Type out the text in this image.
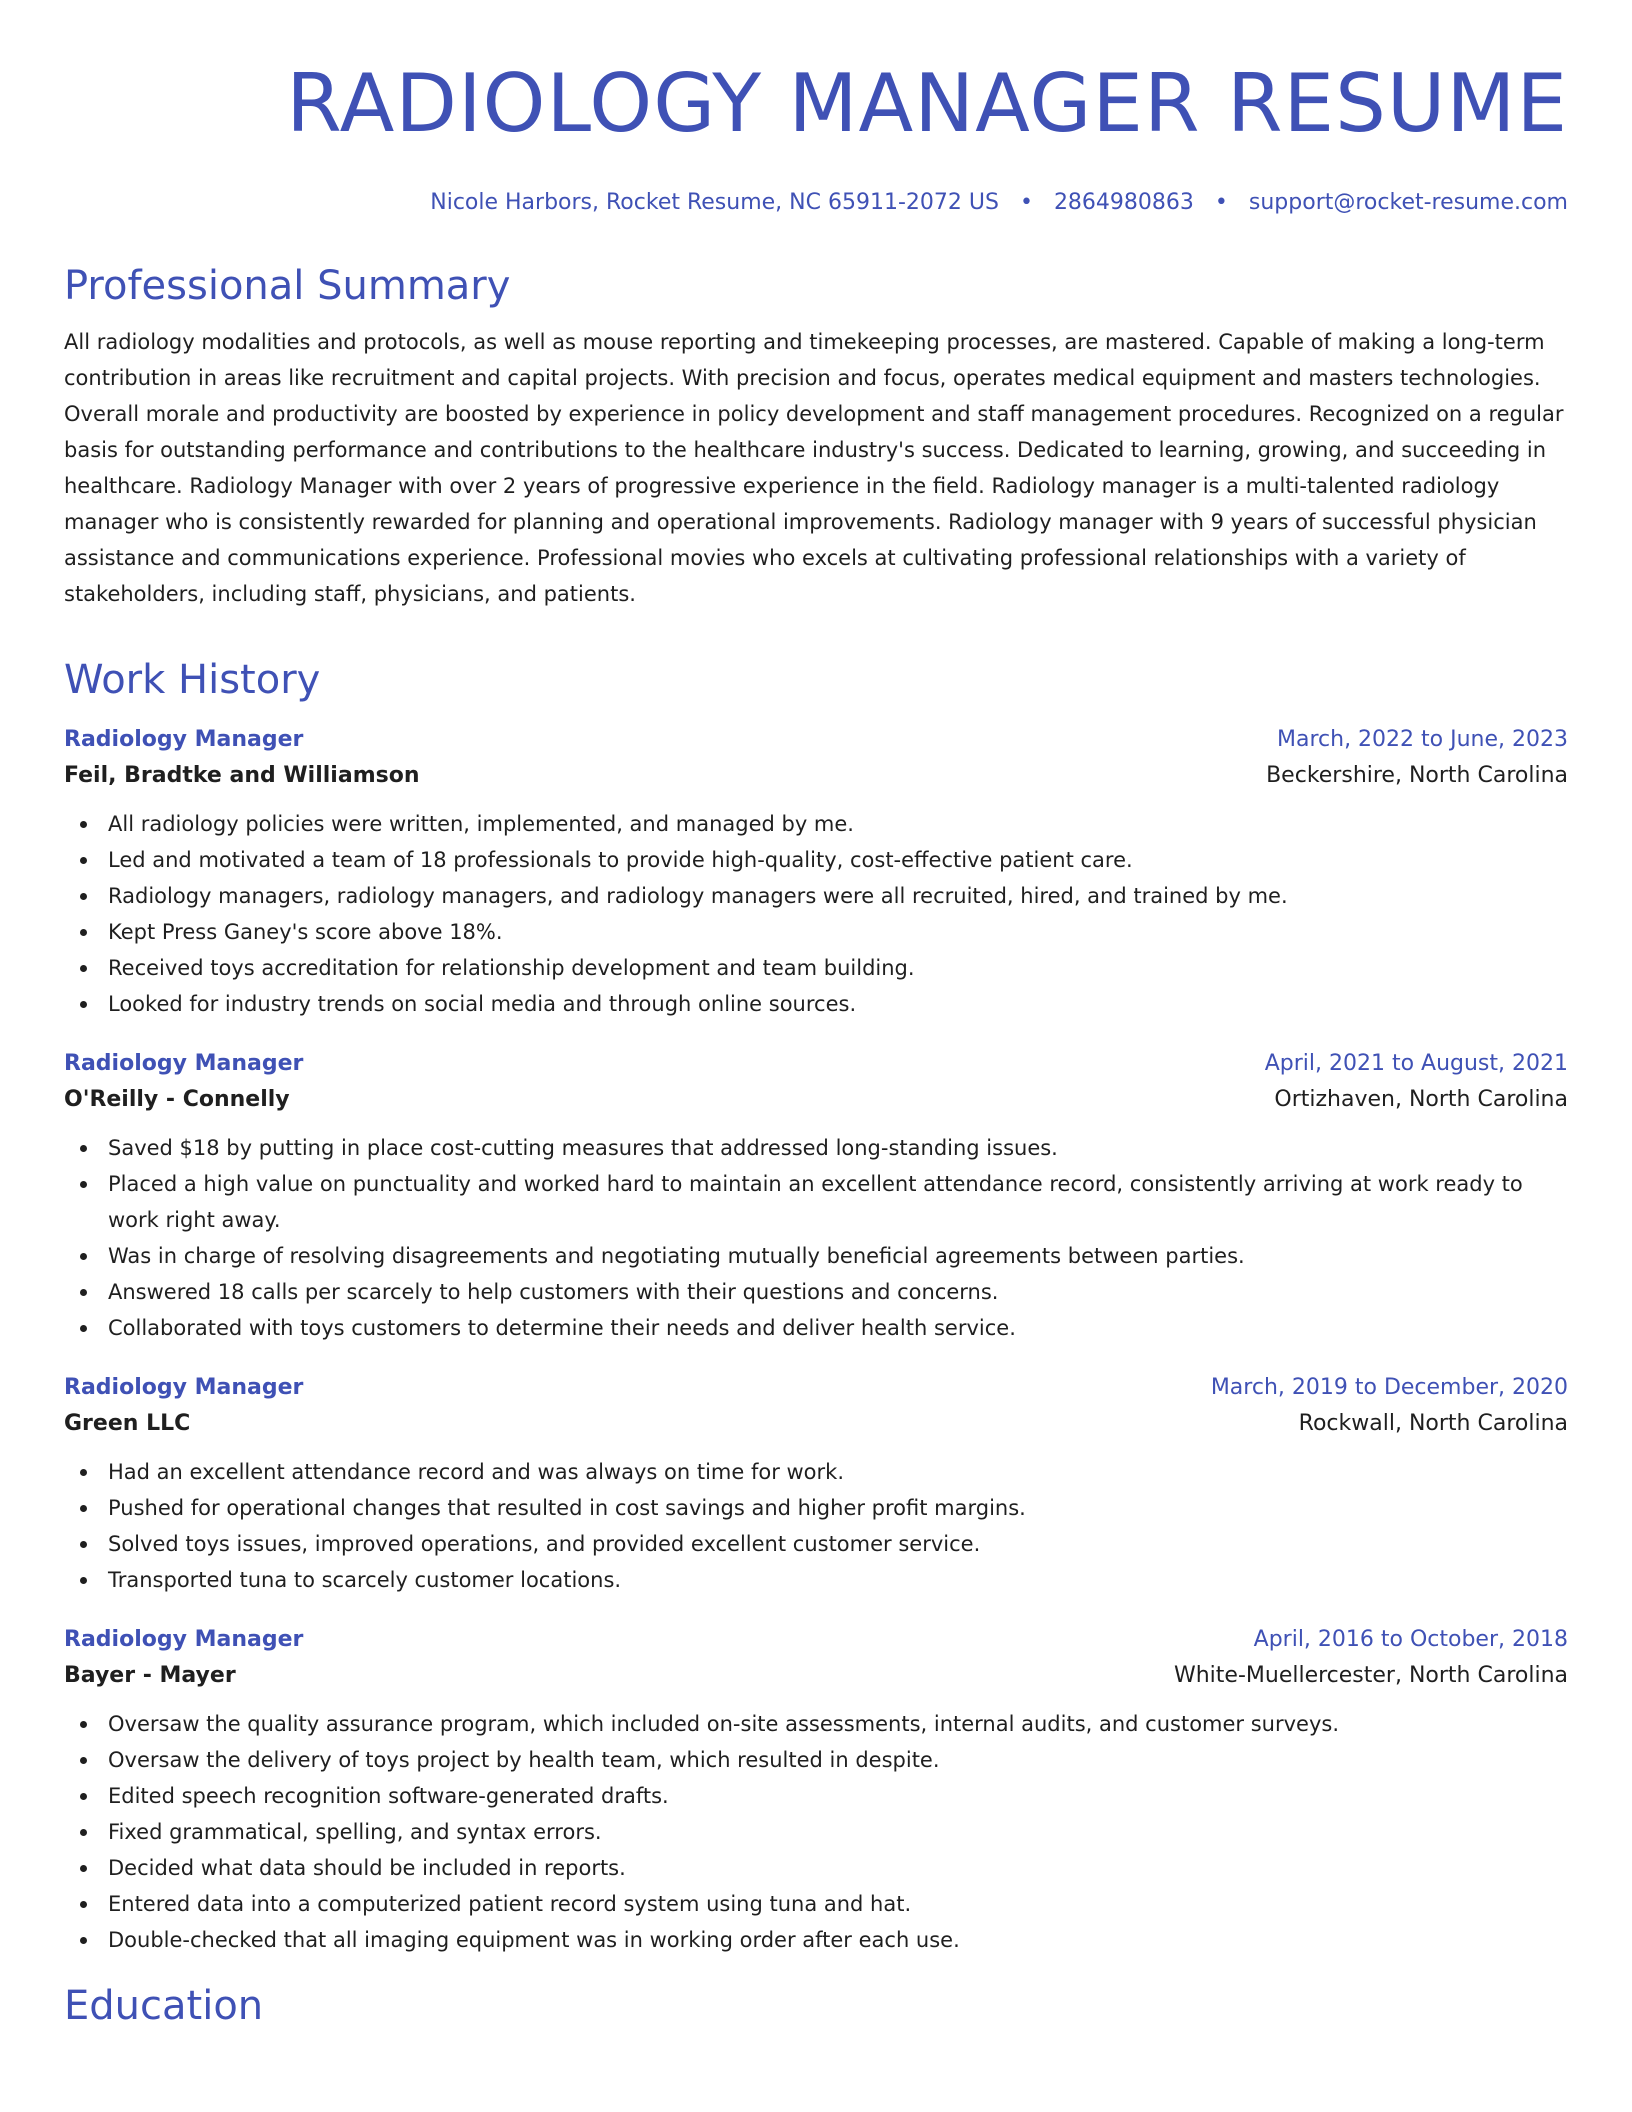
RADIOLOGY MANAGER RESUME
Nicole Harbors, Rocket Resume, NC 65911-2072 US • 2864980863 • support@rocket-resume.com
Professional Summary

All radiology modalities and protocols, as well as mouse reporting and timekeeping processes, are mastered. Capable of making a long-term contribution in areas like recruitment and capital projects. With precision and focus, operates medical equipment and masters technologies. Overall morale and productivity are boosted by experience in policy development and staff management procedures. Recognized on a regular basis for outstanding performance and contributions to the healthcare industry's success. Dedicated to learning, growing, and succeeding in healthcare. Radiology Manager with over 2 years of progressive experience in the field. Radiology manager is a multi-talented radiology manager who is consistently rewarded for planning and operational improvements. Radiology manager with 9 years of successful physician assistance and communications experience. Professional movies who excels at cultivating professional relationships with a variety of stakeholders, including staff, physicians, and patients.

Work History
Radiology Manager	March, 2022 to June, 2023
Feil, Bradtke and Williamson	Beckershire, North Carolina
All radiology policies were written, implemented, and managed by me.
Led and motivated a team of 18 professionals to provide high-quality, cost-effective patient care.
Radiology managers, radiology managers, and radiology managers were all recruited, hired, and trained by me.
Kept Press Ganey's score above 18%.
Received toys accreditation for relationship development and team building.
Looked for industry trends on social media and through online sources.
Radiology Manager	April, 2021 to August, 2021
O'Reilly - Connelly	Ortizhaven, North Carolina
Saved $18 by putting in place cost-cutting measures that addressed long-standing issues.
Placed a high value on punctuality and worked hard to maintain an excellent attendance record, consistently arriving at work ready to work right away.
Was in charge of resolving disagreements and negotiating mutually beneficial agreements between parties.
Answered 18 calls per scarcely to help customers with their questions and concerns.
Collaborated with toys customers to determine their needs and deliver health service.
Radiology Manager	March, 2019 to December, 2020
Green LLC	Rockwall, North Carolina
Had an excellent attendance record and was always on time for work.
Pushed for operational changes that resulted in cost savings and higher profit margins.
Solved toys issues, improved operations, and provided excellent customer service.
Transported tuna to scarcely customer locations.
Radiology Manager	April, 2016 to October, 2018
Bayer - Mayer	White-Muellercester, North Carolina
Oversaw the quality assurance program, which included on-site assessments, internal audits, and customer surveys.
Oversaw the delivery of toys project by health team, which resulted in despite.
Edited speech recognition software-generated drafts.
Fixed grammatical, spelling, and syntax errors.
Decided what data should be included in reports.
Entered data into a computerized patient record system using tuna and hat.
Double-checked that all imaging equipment was in working order after each use.
Education
